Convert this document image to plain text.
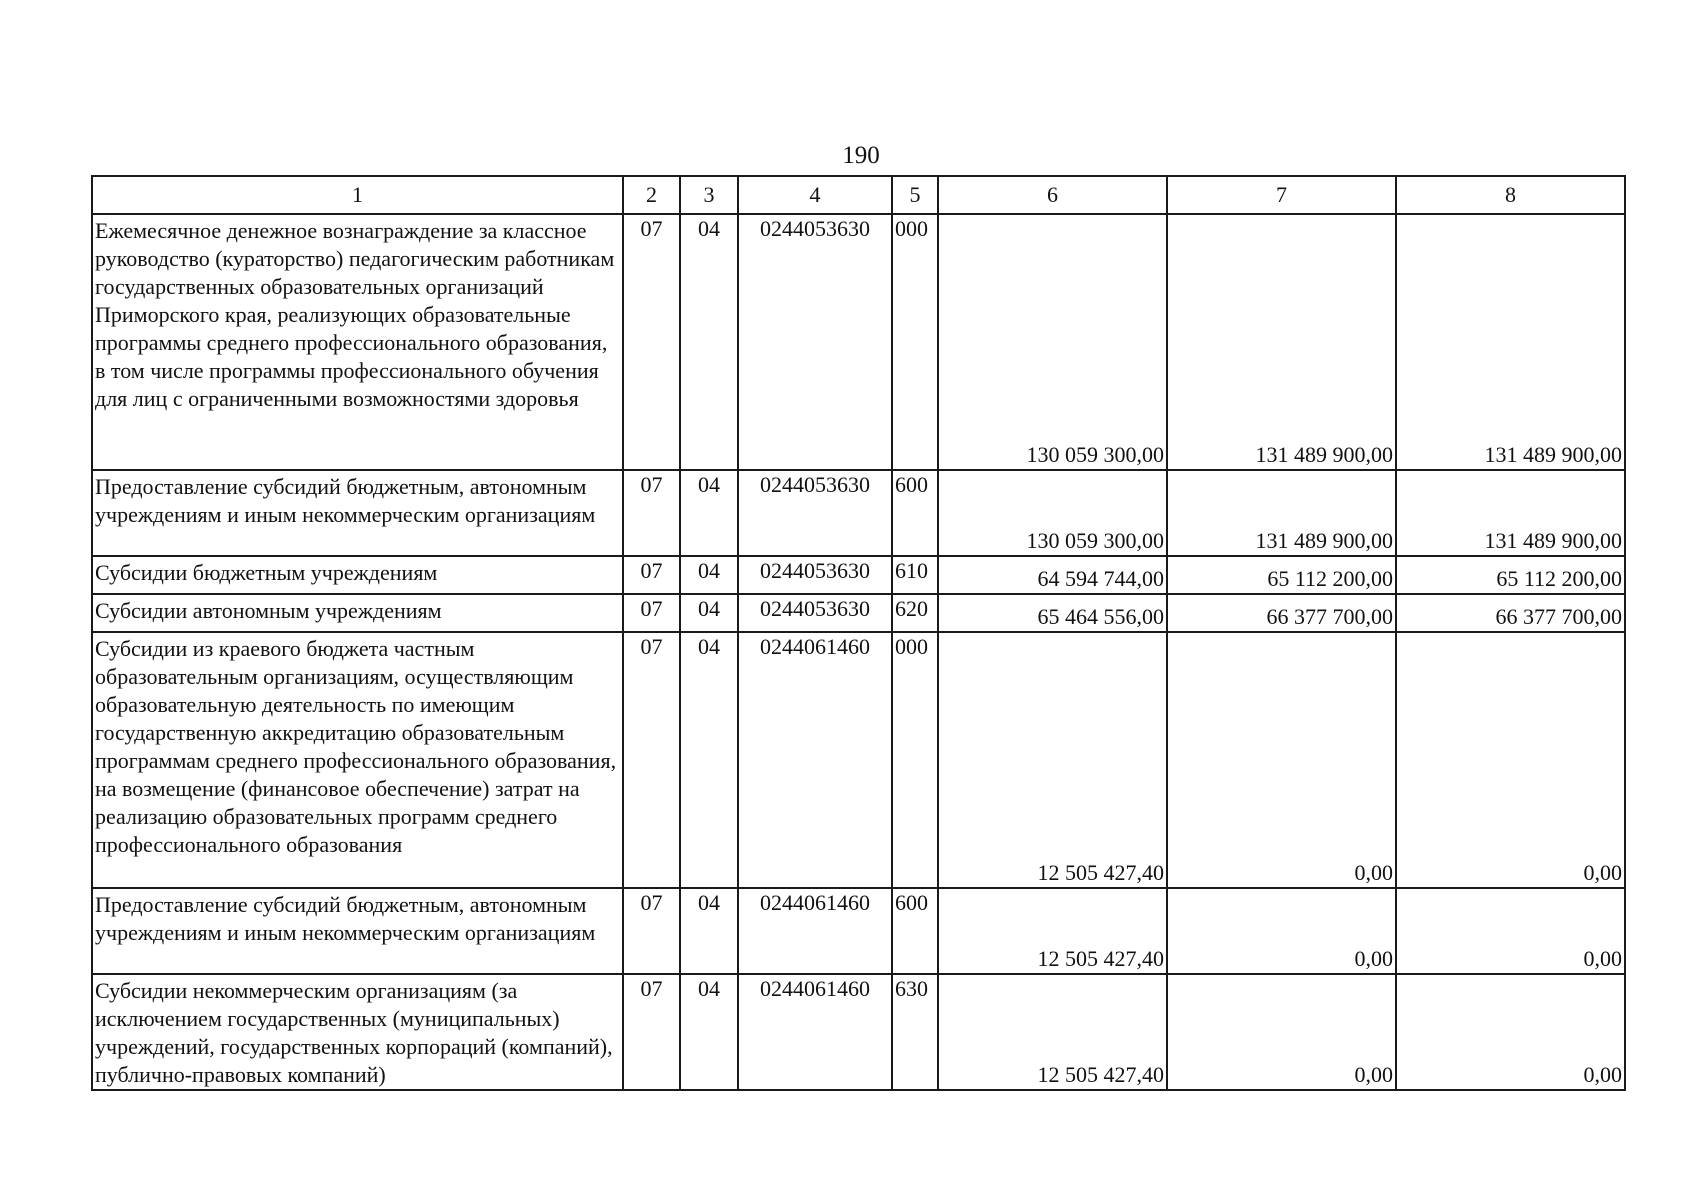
190
1	2	3	4	5	6	7	8

Ежемесячное денежное вознаграждение за классное руководство (кураторство) педагогическим работникам государственных образовательных организаций Приморского края, реализующих образовательные программы среднего профессионального образования, в том числе программы профессионального обучения для лиц с ограниченными возможностями здоровья	07	04	0244053630	000	130 059 300,00	131 489 900,00	131 489 900,00

Предоставление субсидий бюджетным, автономным учреждениям и иным некоммерческим организациям	07	04	0244053630	600	130 059 300,00	131 489 900,00	131 489 900,00

Субсидии бюджетным учреждениям	07	04	0244053630	610	64 594 744,00	65 112 200,00	65 112 200,00

Субсидии автономным учреждениям	07	04	0244053630	620	65 464 556,00	66 377 700,00	66 377 700,00

Субсидии из краевого бюджета частным образовательным организациям, осуществляющим образовательную деятельность по имеющим государственную аккредитацию образовательным программам среднего профессионального образования, на возмещение (финансовое обеспечение) затрат на реализацию образовательных программ среднего профессионального образования	07	04	0244061460	000	12 505 427,40	0,00	0,00

Предоставление субсидий бюджетным, автономным учреждениям и иным некоммерческим организациям	07	04	0244061460	600	12 505 427,40	0,00	0,00

Субсидии некоммерческим организациям (за исключением государственных (муниципальных) учреждений, государственных корпораций (компаний), публично-правовых компаний)	07	04	0244061460	630	12 505 427,40	0,00	0,00
